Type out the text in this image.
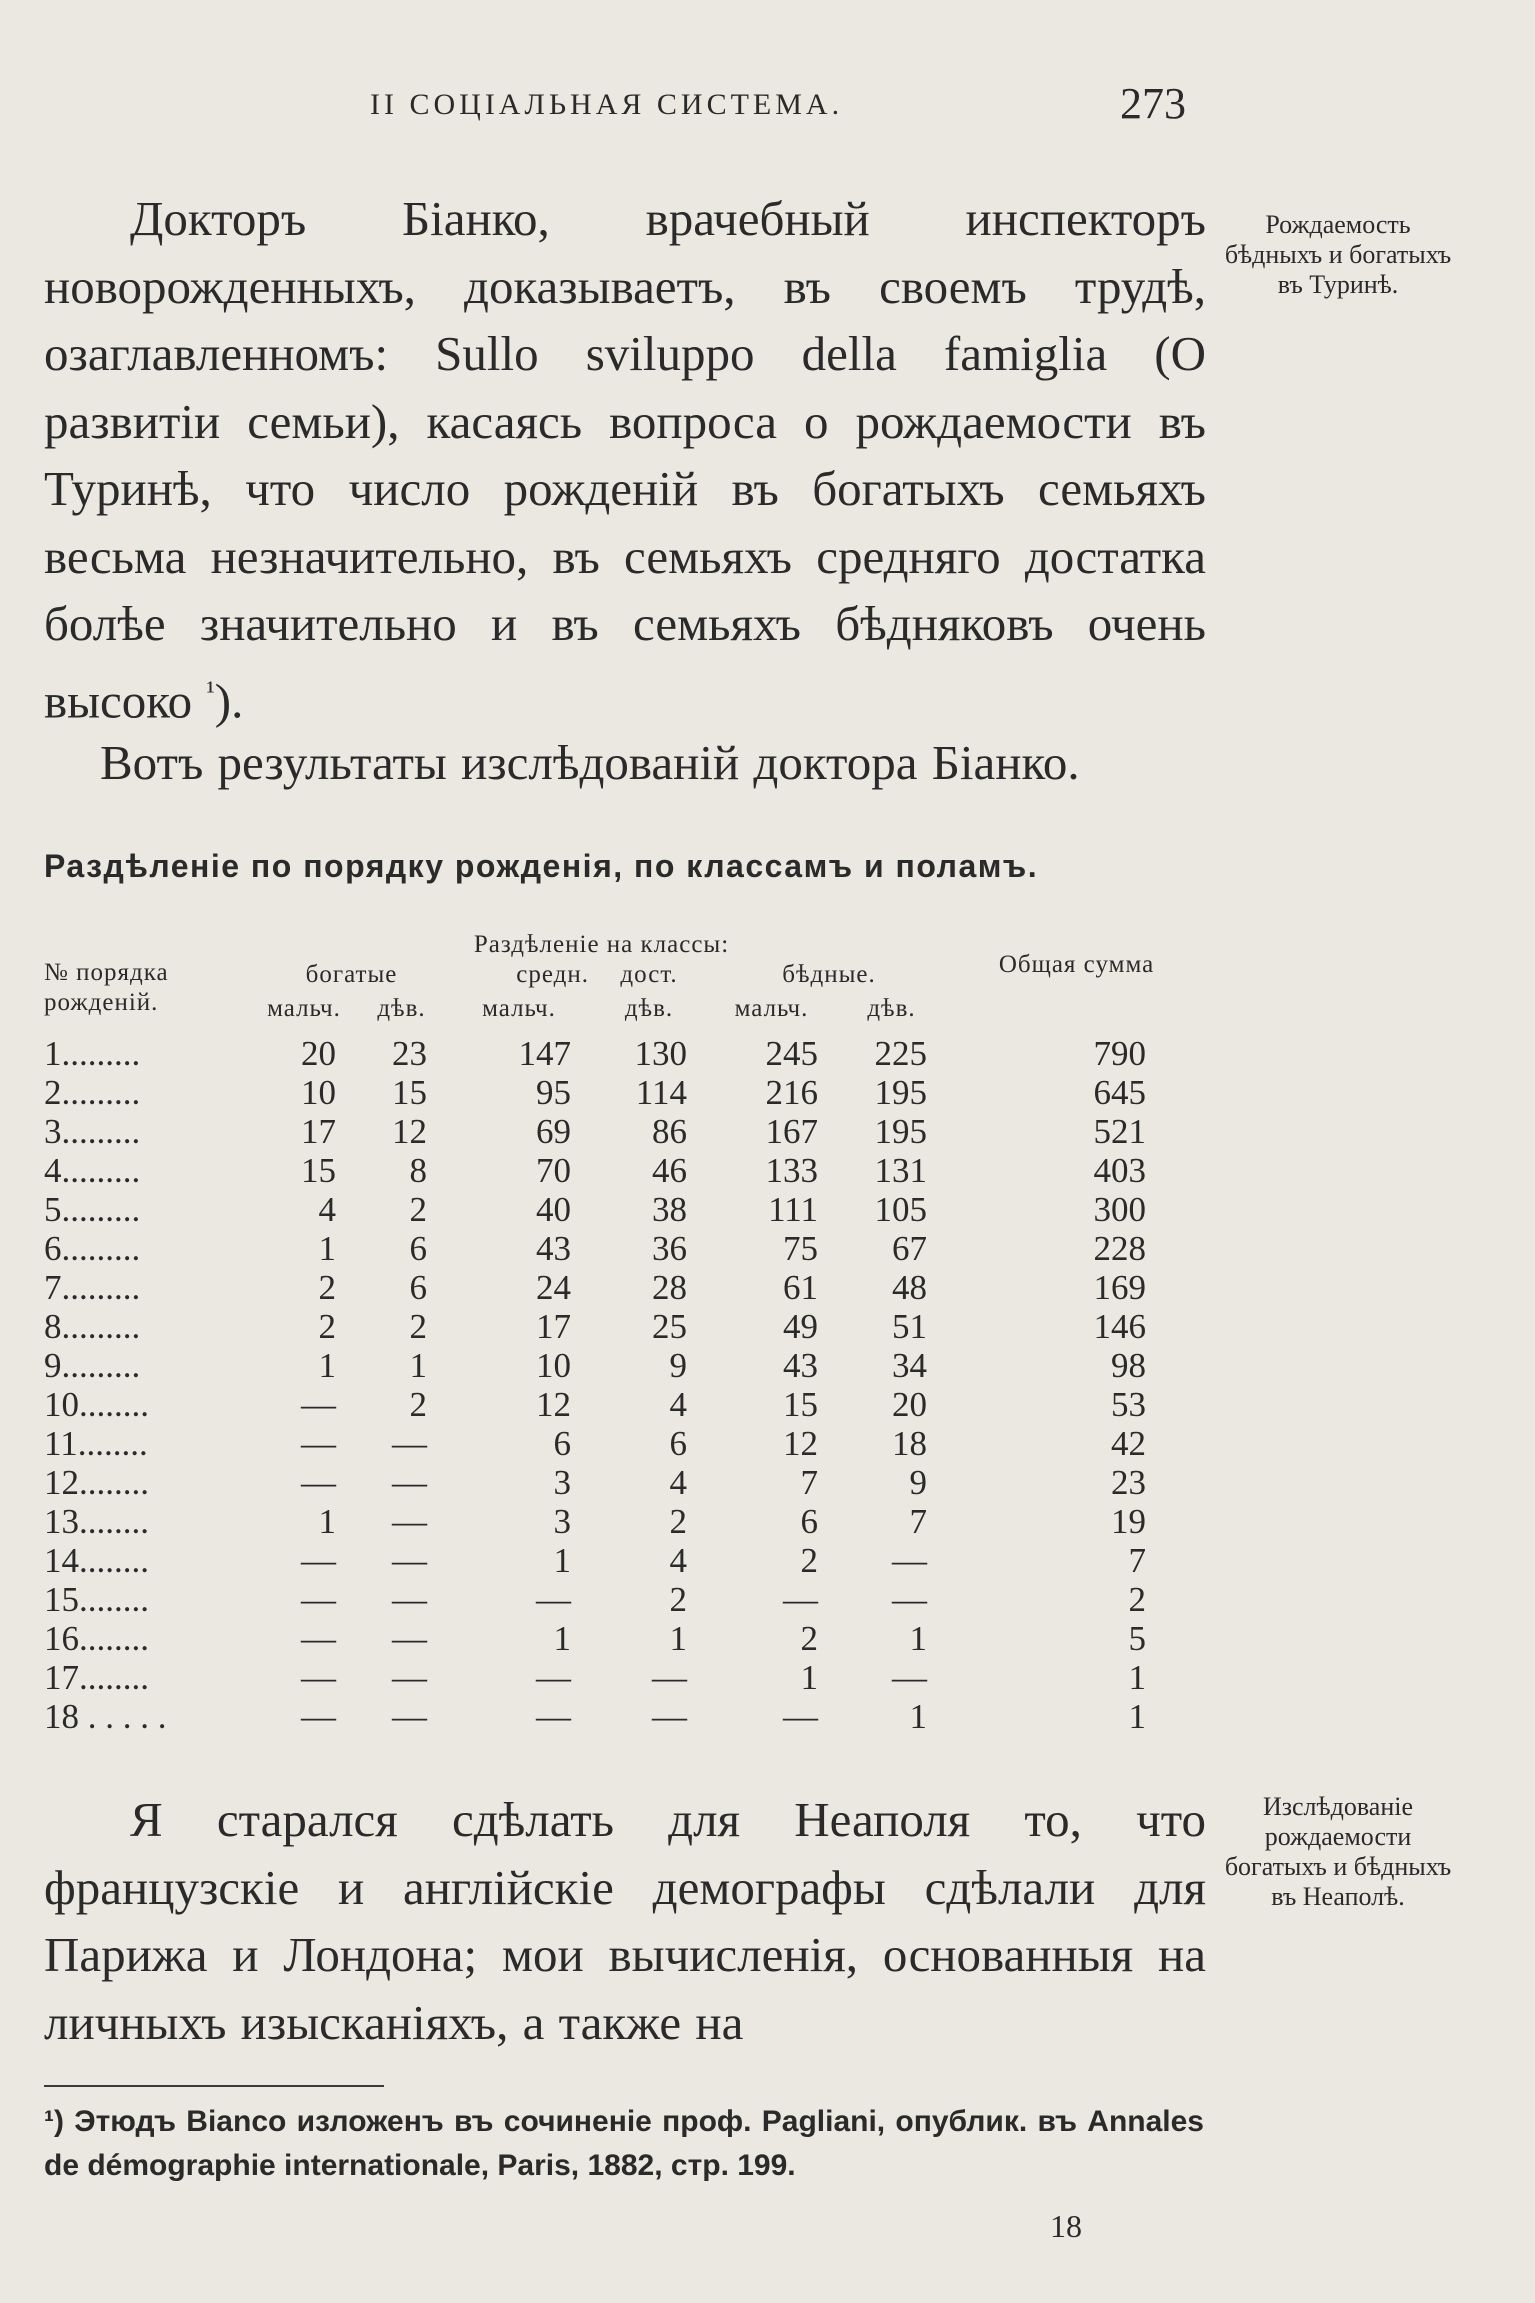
II СОЦІАЛЬНАЯ СИСТЕМА.	273

Докторъ Біанко, врачебный инспекторъ новорожденныхъ, доказываетъ, въ своемъ трудѣ, озаглавленномъ: Sullo sviluppo della famiglia (О развитіи семьи), касаясь вопроса о рождаемости въ Туринѣ, что число рожденій въ богатыхъ семьяхъ весьма незначительно, въ семьяхъ средняго достатка болѣе значительно и въ семьяхъ бѣдняковъ очень высоко $^{^1}$).

Рождаемость бѣдныхъ и богатыхъ въ Туринѣ.

Вотъ результаты изслѣдованій доктора Біанко.

Раздѣленіе по порядку рожденія, по классамъ и поламъ.
№ порядка рожденій.	Раздѣленіе на классы:						Общая сумма
	богатые		средн.	дост.	бѣдные.		
	мальч.	дѣв.	мальч.	дѣв.	мальч.	дѣв.	
1.........	20	23	147	130	245	225	790
2.........	10	15	95	114	216	195	645
3.........	17	12	69	86	167	195	521
4.........	15	8	70	46	133	131	403
5.........	4	2	40	38	111	105	300
6.........	1	6	43	36	75	67	228
7.........	2	6	24	28	61	48	169
8.........	2	2	17	25	49	51	146
9.........	1	1	10	9	43	34	98
10........	—	2	12	4	15	20	53
11........	—	—	6	6	12	18	42
12........	—	—	3	4	7	9	23
13........	1	—	3	2	6	7	19
14........	—	—	1	4	2	—	7
15........	—	—	—	2	—	—	2
16........	—	—	1	1	2	1	5
17........	—	—	—	—	1	—	1
18 . . . . .	—	—	—	—	—	1	1

Я старался сдѣлать для Неаполя то, что французскіе и англійскіе демографы сдѣлали для Парижа и Лондона; мои вычисленія, основанныя на личныхъ изысканіяхъ, а также на

Изслѣдованіе рождаемости богатыхъ и бѣдныхъ въ Неаполѣ.
¹) Этюдъ Bianco изложенъ въ сочиненіе проф. Pagliani, опублик. въ Annales de démographie internationale, Paris, 1882, стр. 199.
18
